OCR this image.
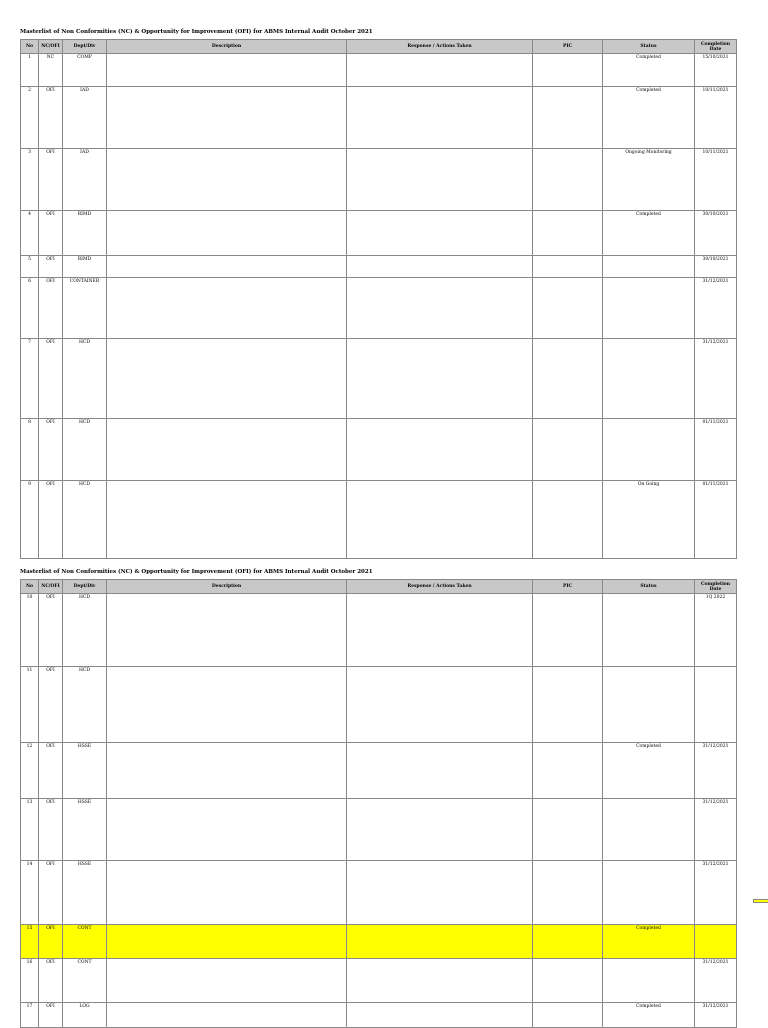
Masterlist of Non Conformities (NC) & Opportunity for Improvement (OFI) for ABMS Internal Audit October 2021
No	NC/OFI	Dept/Div	Description	Response / Actions Taken	PIC	Status	Completion Date
1	NC	COMP				Completed	15/10/2021
2	OFI	IAD				Completed	10/11/2021
3	OFI	IAD				Ongoing Monitoring	10/11/2021
4	OFI	RIMD				Completed	30/10/2021
5	OFI	RIMD					30/10/2021
6	OFI	CONTAINER					31/12/2021
7	OFI	HCD					31/12/2021
8	OFI	HCD					01/11/2021
9	OFI	HCD				On Going	01/11/2021
Masterlist of Non Conformities (NC) & Opportunity for Improvement (OFI) for ABMS Internal Audit October 2021
No	NC/OFI	Dept/Div	Description	Response / Actions Taken	PIC	Status	Completion Date
10	OFI	HCD					1Q 2022
11	OFI	HCD					
12	OFI	HSSE				Completed	31/12/2021
13	OFI	HSSE					31/12/2021
14	OFI	HSSE					31/12/2021
15	OFI	CONT				Completed	
16	OFI	CONT					31/12/2021
17	OFI	LOG				Completed	31/12/2021
